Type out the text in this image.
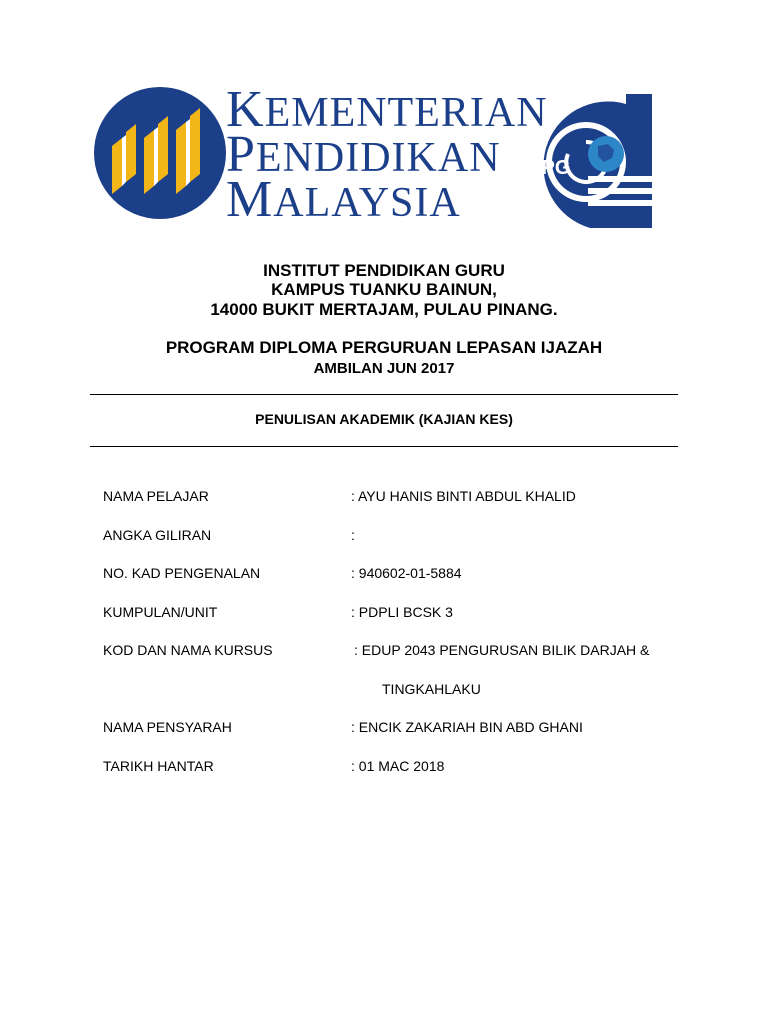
KEMENTERIAN
PENDIDIKAN
MALAYSIA
iPG
INSTITUT PENDIDIKAN GURU
KAMPUS TUANKU BAINUN,
14000 BUKIT MERTAJAM, PULAU PINANG.
PROGRAM DIPLOMA PERGURUAN LEPASAN IJAZAH
AMBILAN JUN 2017
PENULISAN AKADEMIK (KAJIAN KES)
NAMA PELAJAR	: AYU HANIS BINTI ABDUL KHALID
ANGKA GILIRAN	:
NO. KAD PENGENALAN	: 940602-01-5884
KUMPULAN/UNIT	: PDPLI BCSK 3
KOD DAN NAMA KURSUS	: EDUP 2043 PENGURUSAN BILIK DARJAH &
TINGKAHLAKU
NAMA PENSYARAH	: ENCIK ZAKARIAH BIN ABD GHANI
TARIKH HANTAR	: 01 MAC 2018
